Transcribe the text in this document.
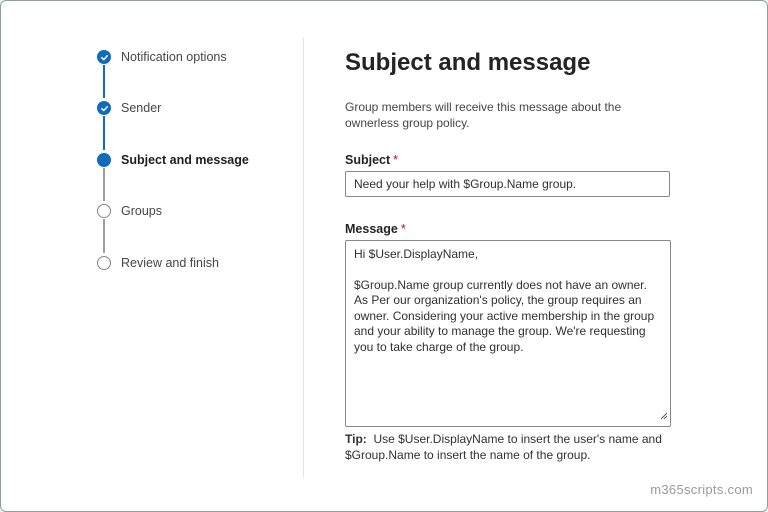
Notification options
Sender
Subject and message
Groups
Review and finish
Subject and message
Group members will receive this message about the ownerless group policy.
Subject *
Need your help with $Group.Name group.
Message *

Hi $User.DisplayName,

$Group.Name group currently does not have an owner. As Per our organization's policy, the group requires an owner. Considering your active membership in the group and your ability to manage the group. We're requesting you to take charge of the group.

Tip: Use $User.DisplayName to insert the user's name and $Group.Name to insert the name of the group.
m365scripts.com
